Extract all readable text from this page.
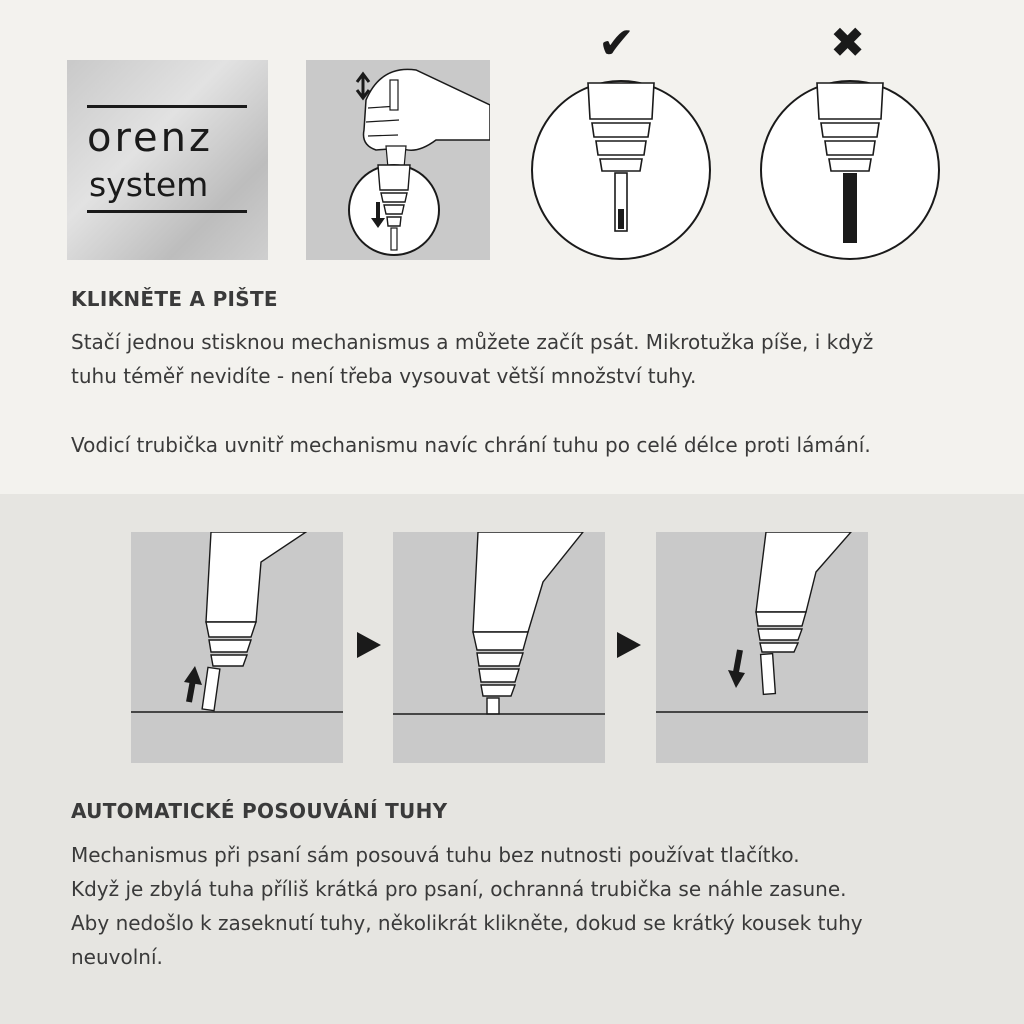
orenz
system
✔	✖
KLIKNĚTE A PIŠTE
Stačí jednou stisknou mechanismus a můžete začít psát. Mikrotužka píše, i když
tuhu téměř nevidíte - není třeba vysouvat větší množství tuhy.
Vodicí trubička uvnitř mechanismu navíc chrání tuhu po celé délce proti lámání.
AUTOMATICKÉ POSOUVÁNÍ TUHY
Mechanismus při psaní sám posouvá tuhu bez nutnosti používat tlačítko.
Když je zbylá tuha příliš krátká pro psaní, ochranná trubička se náhle zasune.
Aby nedošlo k zaseknutí tuhy, několikrát klikněte, dokud se krátký kousek tuhy
neuvolní.
